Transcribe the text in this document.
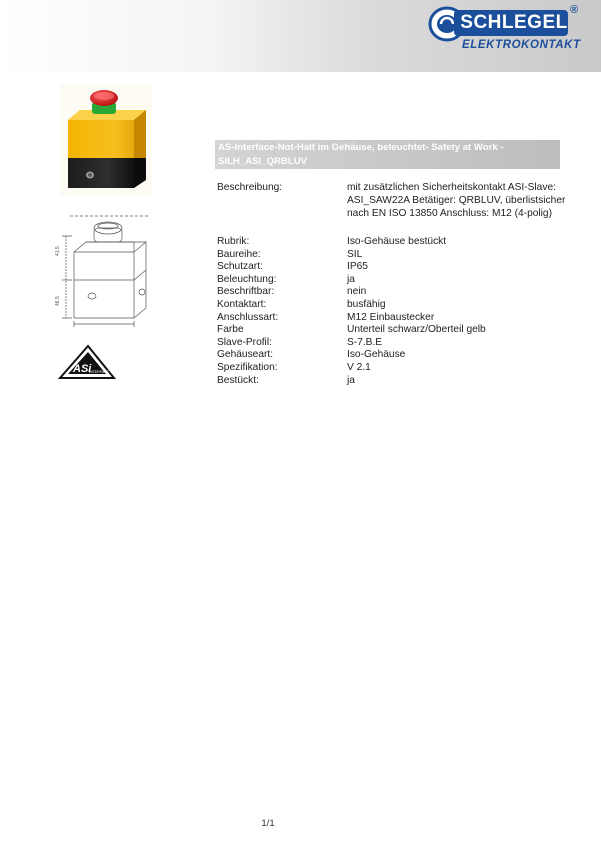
SCHLEGEL
®
ELEKTROKONTAKT
41.5
46.5
ASi
INTERFACE
AS-Interface-Not-Halt im Gehäuse, beleuchtet- Safety at Work -
SILH_ASI_QRBLUV
Beschreibung:	mit zusätzlichen Sicherheitskontakt ASI-Slave:
ASI_SAW22A Betätiger: QRBLUV, überlistsicher
nach EN ISO 13850 Anschluss: M12 (4-polig)
Rubrik:	Iso-Gehäuse bestückt
Baureihe:	SIL
Schutzart:	IP65
Beleuchtung:	ja
Beschriftbar:	nein
Kontaktart:	busfähig
Anschlussart:	M12 Einbaustecker
Farbe	Unterteil schwarz/Oberteil gelb
Slave-Profil:	S-7.B.E
Gehäuseart:	Iso-Gehäuse
Spezifikation:	V 2.1
Bestückt:	ja
1/1
